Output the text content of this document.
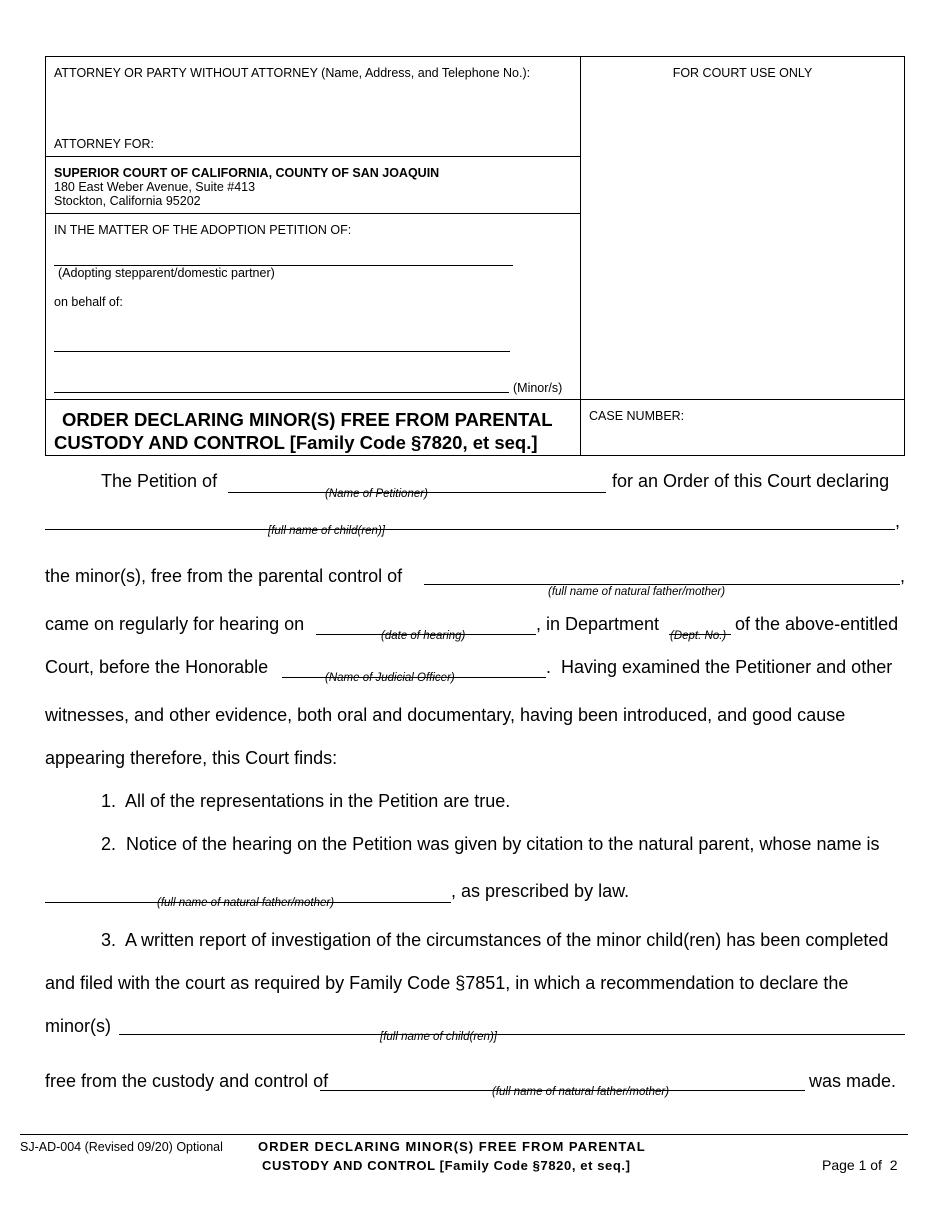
ATTORNEY OR PARTY WITHOUT ATTORNEY (Name, Address, and Telephone No.):	FOR COURT USE ONLY
ATTORNEY FOR:
SUPERIOR COURT OF CALIFORNIA, COUNTY OF SAN JOAQUIN
180 East Weber Avenue, Suite #413
Stockton, California 95202
IN THE MATTER OF THE ADOPTION PETITION OF:
(Adopting stepparent/domestic partner)
on behalf of:
(Minor/s)
ORDER DECLARING MINOR(S) FREE FROM PARENTAL
CUSTODY AND CONTROL [Family Code §7820, et seq.]
CASE NUMBER:
The Petition of
(Name of Petitioner)
for an Order of this Court declaring
[full name of child(ren)]	,
the minor(s), free from the parental control of
(full name of natural father/mother)
,
came on regularly for hearing on
(date of hearing)
, in Department
(Dept. No.)
of the above-entitled
Court, before the Honorable
(Name of Judicial Officer)
.  Having examined the Petitioner and other
witnesses, and other evidence, both oral and documentary, having been introduced, and good cause
appearing therefore, this Court finds:
1.  All of the representations in the Petition are true.
2.  Notice of the hearing on the Petition was given by citation to the natural parent, whose name is
(full name of natural father/mother)
, as prescribed by law.
3.  A written report of investigation of the circumstances of the minor child(ren) has been completed
and filed with the court as required by Family Code §7851, in which a recommendation to declare the
minor(s)
[full name of child(ren)]
free from the custody and control of
(full name of natural father/mother)
was made.
SJ-AD-004 (Revised 09/20) Optional	ORDER DECLARING MINOR(S) FREE FROM PARENTAL
CUSTODY AND CONTROL [Family Code §7820, et seq.]	Page 1 of  2
